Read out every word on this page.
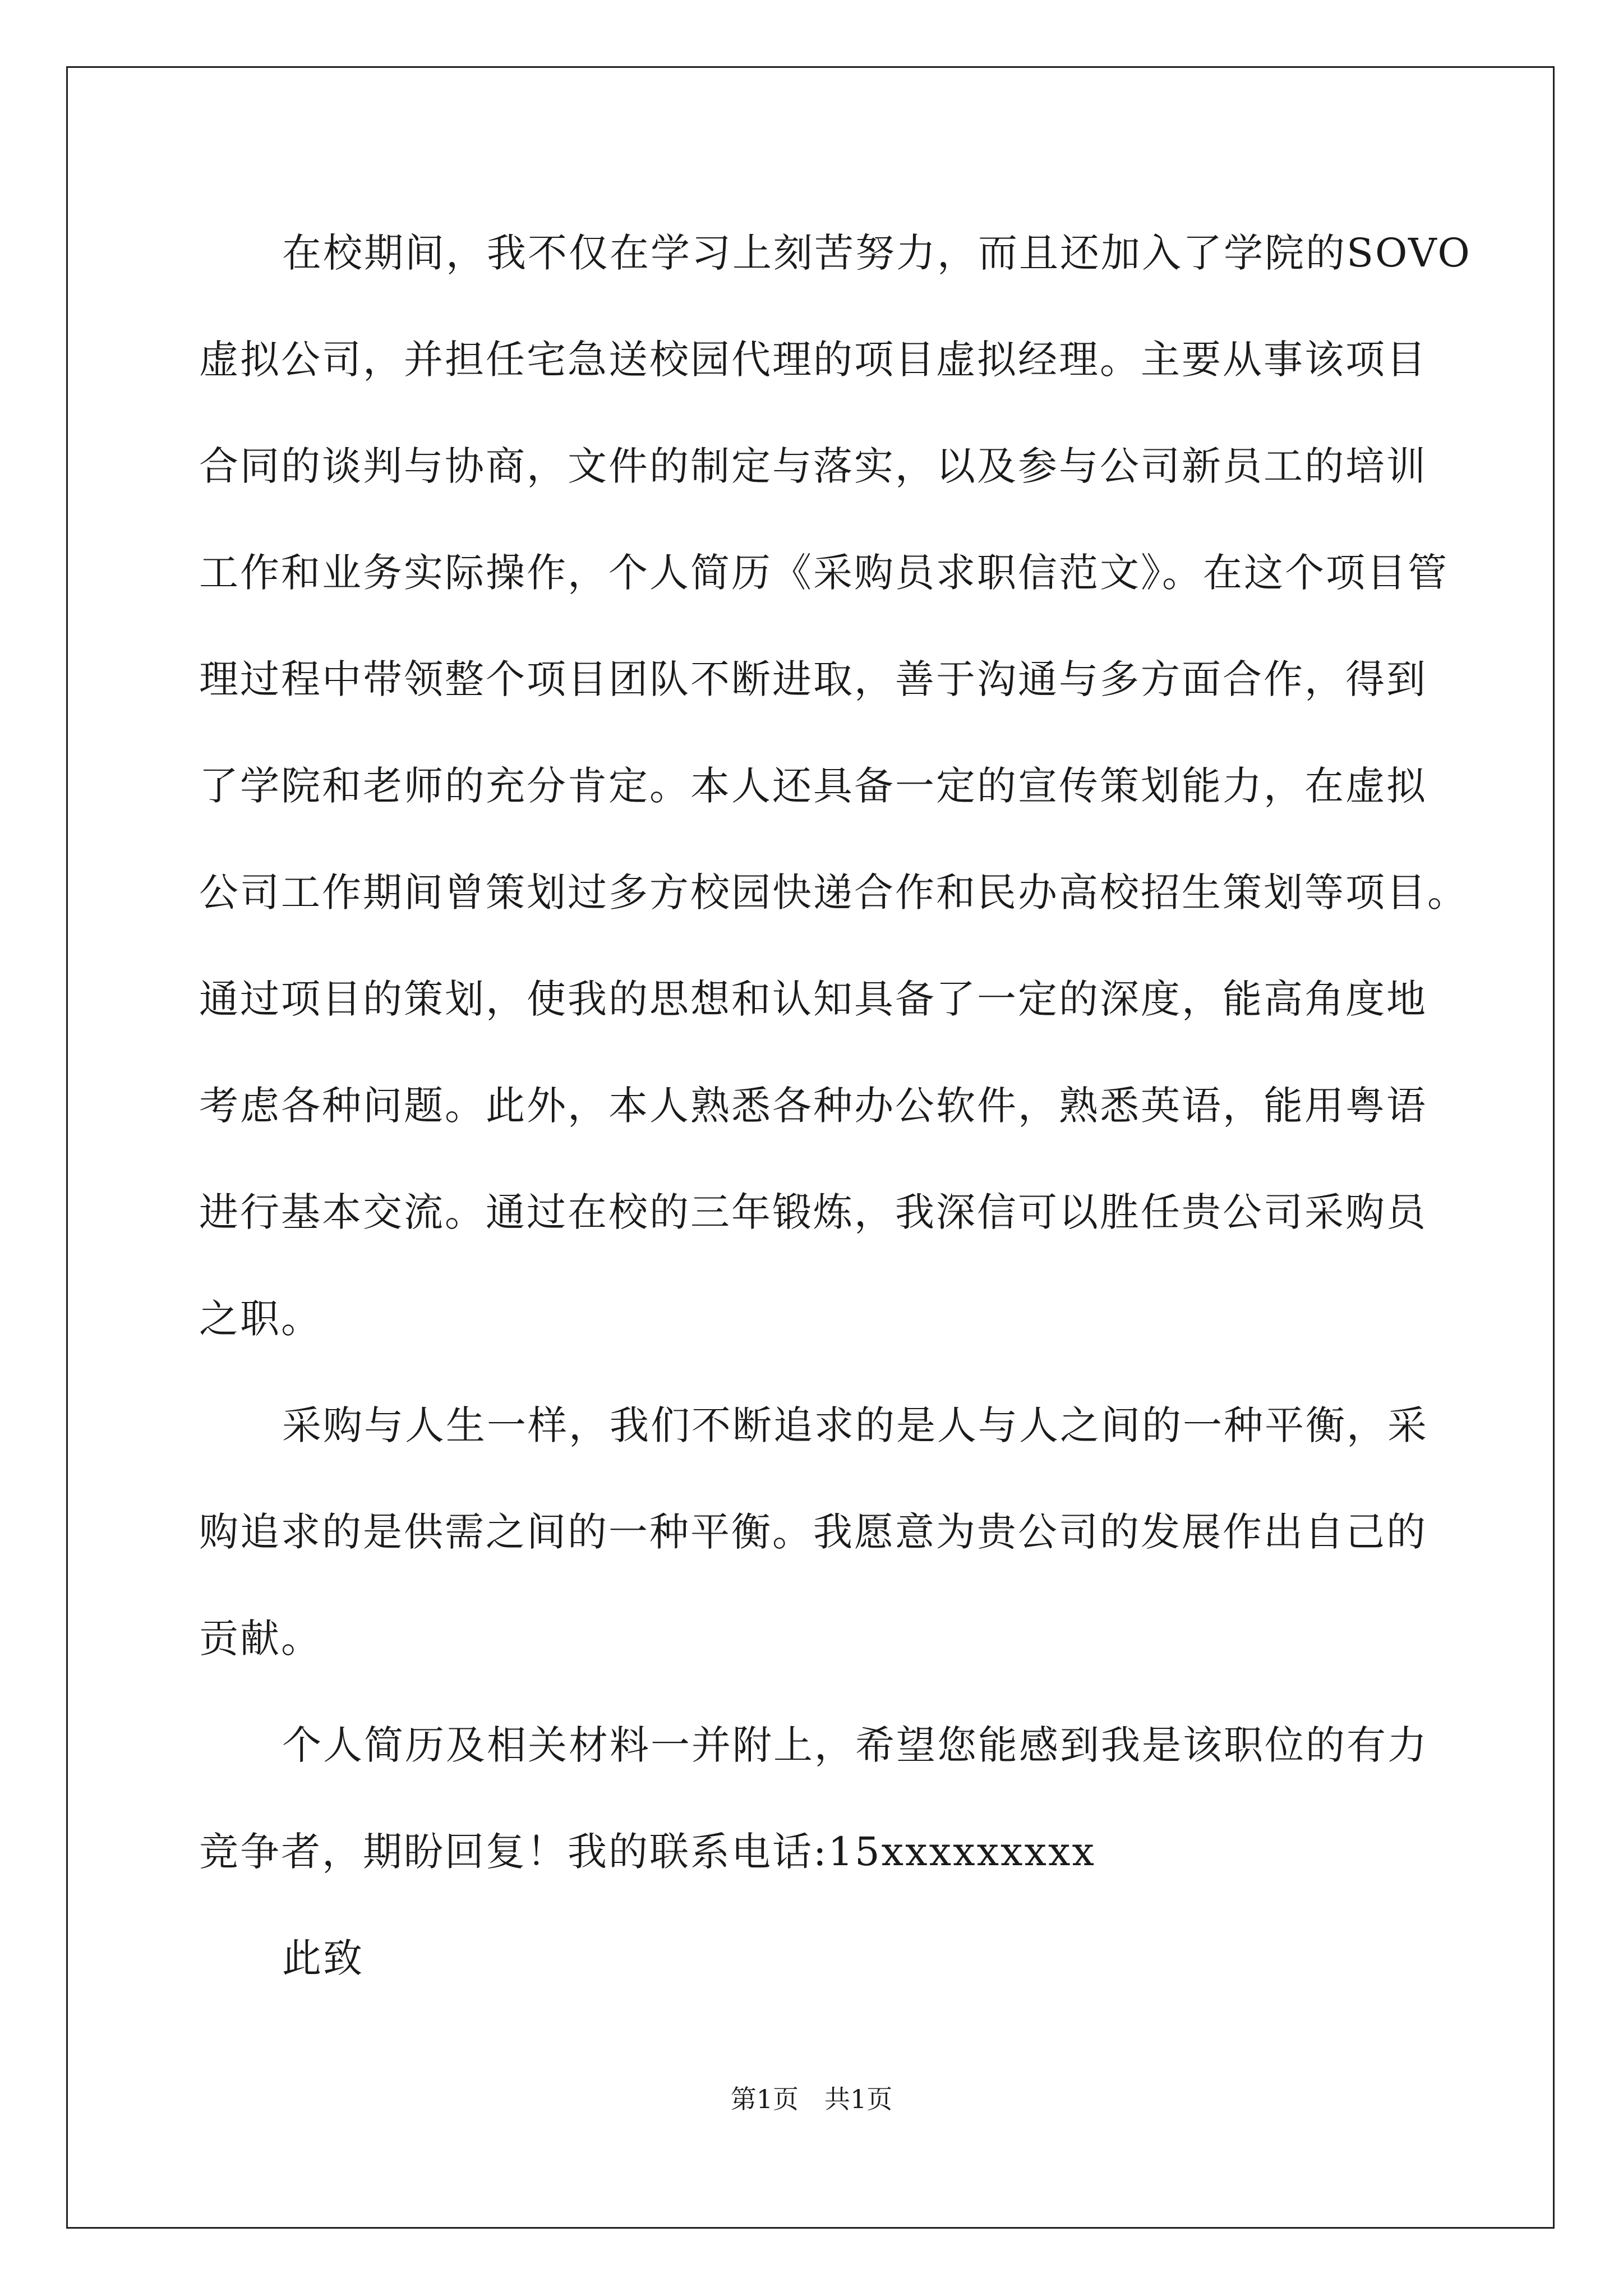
在校期间，我不仅在学习上刻苦努力，而且还加入了学院的SOVO
虚拟公司，并担任宅急送校园代理的项目虚拟经理。主要从事该项目
合同的谈判与协商，文件的制定与落实，以及参与公司新员工的培训
工作和业务实际操作，个人简历《采购员求职信范文》。在这个项目管
理过程中带领整个项目团队不断进取，善于沟通与多方面合作，得到
了学院和老师的充分肯定。本人还具备一定的宣传策划能力，在虚拟
公司工作期间曾策划过多方校园快递合作和民办高校招生策划等项目。
通过项目的策划，使我的思想和认知具备了一定的深度，能高角度地
考虑各种问题。此外，本人熟悉各种办公软件，熟悉英语，能用粤语
进行基本交流。通过在校的三年锻炼，我深信可以胜任贵公司采购员
之职。
采购与人生一样，我们不断追求的是人与人之间的一种平衡，采
购追求的是供需之间的一种平衡。我愿意为贵公司的发展作出自己的
贡献。
个人简历及相关材料一并附上，希望您能感到我是该职位的有力
竞争者，期盼回复！我的联系电话:15xxxxxxxxx
此致
第1页　共1页
